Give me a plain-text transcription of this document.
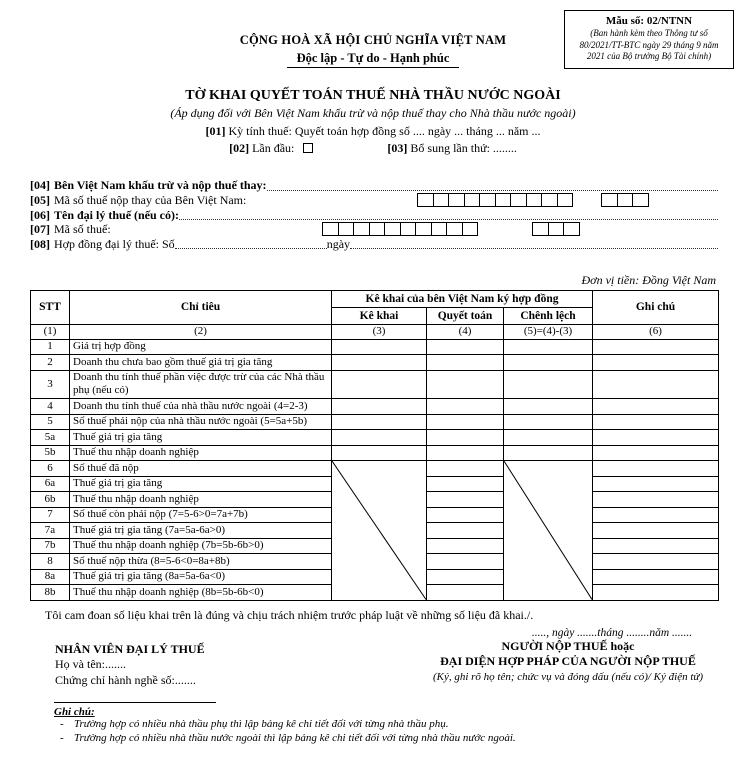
Mẫu số: 02/NTNN
(Ban hành kèm theo Thông tư số 80/2021/TT-BTC ngày 29 tháng 9 năm 2021 của Bộ trưởng Bộ Tài chính)
CỘNG HOÀ XÃ HỘI CHỦ NGHĨA VIỆT NAM
Độc lập - Tự do - Hạnh phúc
TỜ KHAI QUYẾT TOÁN THUẾ NHÀ THẦU NƯỚC NGOÀI
(Áp dụng đối với Bên Việt Nam khấu trừ và nộp thuế thay cho Nhà thầu nước ngoài)
[01] Kỳ tính thuế: Quyết toán hợp đồng số .... ngày ... tháng ... năm ...
[02] Lần đầu:	[03] Bổ sung lần thứ: ........
[04] Bên Việt Nam khấu trừ và nộp thuế thay:
[05] Mã số thuế nộp thay của Bên Việt Nam:
[06] Tên đại lý thuế (nếu có):
[07] Mã số thuế:
[08] Hợp đồng đại lý thuế: Số	ngày
Đơn vị tiền: Đồng Việt Nam
STT	Chỉ tiêu	Kê khai của bên Việt Nam ký hợp đồng			Ghi chú
		Kê khai	Quyết toán	Chênh lệch	
(1)	(2)	(3)	(4)	(5)=(4)-(3)	(6)
1	Giá trị hợp đồng				
2	Doanh thu chưa bao gồm thuế giá trị gia tăng				
3	Doanh thu tính thuế phần việc được trừ của các Nhà thầu phụ (nếu có)				
4	Doanh thu tính thuế của nhà thầu nước ngoài (4=2-3)				
5	Số thuế phải nộp của nhà thầu nước ngoài (5=5a+5b)				
5a	Thuế giá trị gia tăng				
5b	Thuế thu nhập doanh nghiệp				
6	Số thuế đã nộp	

6a	Thuế giá trị gia tăng				
6b	Thuế thu nhập doanh nghiệp				
7	Số thuế còn phải nộp (7=5-6>0=7a+7b)				
7a	Thuế giá trị gia tăng (7a=5a-6a>0)				
7b	Thuế thu nhập doanh nghiệp (7b=5b-6b>0)				
8	Số thuế nộp thừa (8=5-6<0=8a+8b)				
8a	Thuế giá trị gia tăng (8a=5a-6a<0)				
8b	Thuế thu nhập doanh nghiệp (8b=5b-6b<0)				
Tôi cam đoan số liệu khai trên là đúng và chịu trách nhiệm trước pháp luật về những số liệu đã khai./.
NHÂN VIÊN ĐẠI LÝ THUẾ
Họ và tên:.......
Chứng chỉ hành nghề số:.......
....., ngày .......tháng ........năm .......
NGƯỜI NỘP THUẾ hoặc
ĐẠI DIỆN HỢP PHÁP CỦA NGƯỜI NỘP THUẾ
(Ký, ghi rõ họ tên; chức vụ và đóng dấu (nếu có)/ Ký điện tử)
Ghi chú:
- Trường hợp có nhiều nhà thầu phụ thì lập bảng kê chi tiết đối với từng nhà thầu phụ.
- Trường hợp có nhiều nhà thầu nước ngoài thì lập bảng kê chi tiết đối với từng nhà thầu nước ngoài.
